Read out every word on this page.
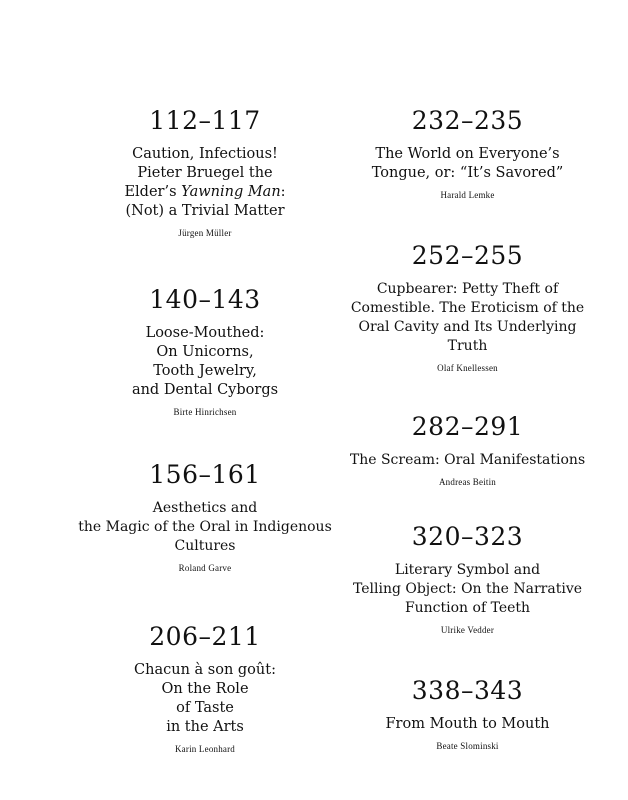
112–117
Caution, Infectious!
Pieter Bruegel the
Elder’s Yawning Man:
(Not) a Trivial Matter
Jürgen Müller
140–143
Loose-Mouthed:
On Unicorns,
Tooth Jewelry,
and Dental Cyborgs
Birte Hinrichsen
156–161
Aesthetics and
the Magic of the Oral in Indigenous
Cultures
Roland Garve
206–211
Chacun à son goût:
On the Role
of Taste
in the Arts
Karin Leonhard
232–235
The World on Everyone’s
Tongue, or: “It’s Savored”
Harald Lemke
252–255
Cupbearer: Petty Theft of
Comestible. The Eroticism of the
Oral Cavity and Its Underlying
Truth
Olaf Knellessen
282–291
The Scream: Oral Manifestations
Andreas Beitin
320–323
Literary Symbol and
Telling Object: On the Narrative
Function of Teeth
Ulrike Vedder
338–343
From Mouth to Mouth
Beate Slominski
